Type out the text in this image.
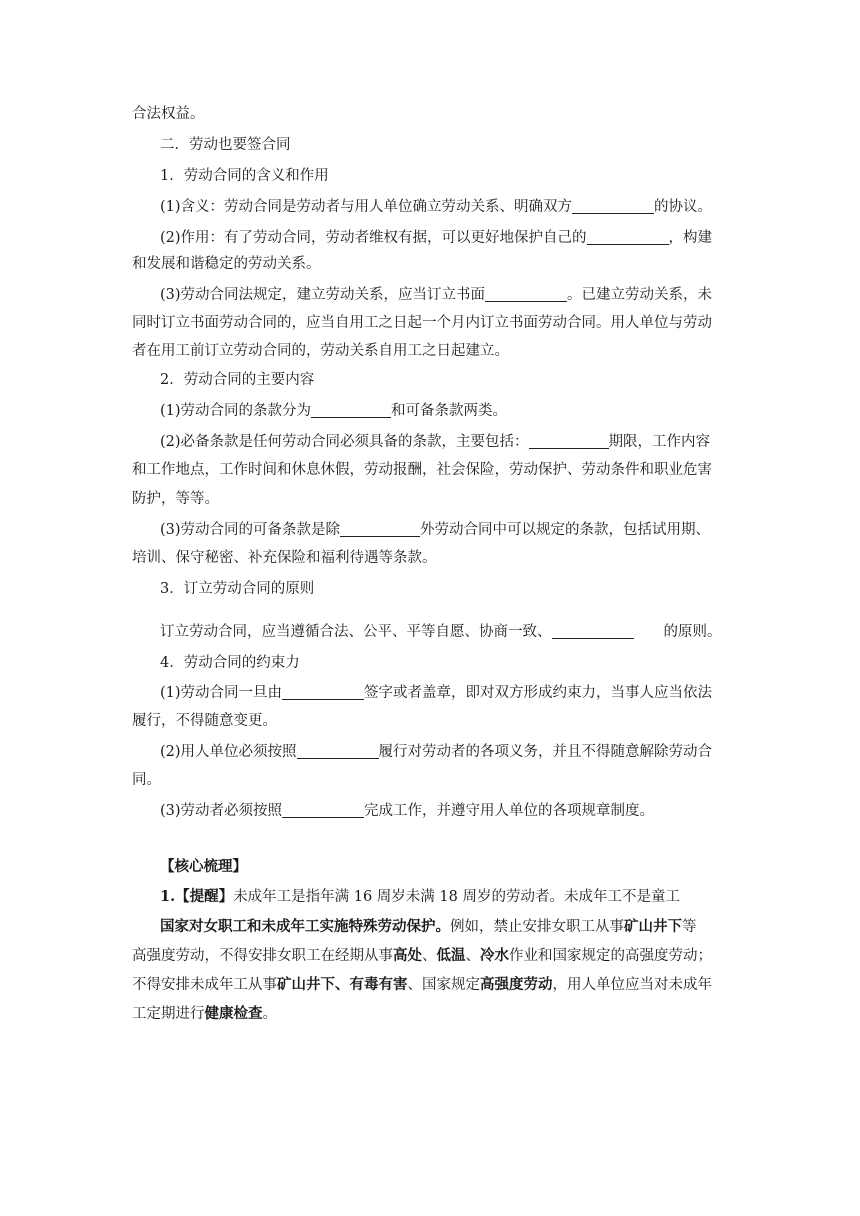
合法权益。
二．劳动也要签合同
1．劳动合同的含义和作用
(1)含义：劳动合同是劳动者与用人单位确立劳动关系、明确双方	的协议。
(2)作用：有了劳动合同，劳动者维权有据，可以更好地保护自己的	，构建
和发展和谐稳定的劳动关系。
(3)劳动合同法规定，建立劳动关系，应当订立书面	。已建立劳动关系，未
同时订立书面劳动合同的，应当自用工之日起一个月内订立书面劳动合同。用人单位与劳动
者在用工前订立劳动合同的，劳动关系自用工之日起建立。
2．劳动合同的主要内容
(1)劳动合同的条款分为	和可备条款两类。
(2)必备条款是任何劳动合同必须具备的条款，主要包括：	期限，工作内容
和工作地点，工作时间和休息休假，劳动报酬，社会保险，劳动保护、劳动条件和职业危害
防护，等等。
(3)劳动合同的可备条款是除	外劳动合同中可以规定的条款，包括试用期、
培训、保守秘密、补充保险和福利待遇等条款。
3．订立劳动合同的原则
订立劳动合同，应当遵循合法、公平、平等自愿、协商一致、	的原则。
4．劳动合同的约束力
(1)劳动合同一旦由	签字或者盖章，即对双方形成约束力，当事人应当依法
履行，不得随意变更。
(2)用人单位必须按照	履行对劳动者的各项义务，并且不得随意解除劳动合
同。
(3)劳动者必须按照	完成工作，并遵守用人单位的各项规章制度。
【核心梳理】
1.【提醒】未成年工是指年满 16 周岁未满 18 周岁的劳动者。未成年工不是童工
国家对女职工和未成年工实施特殊劳动保护。例如，禁止安排女职工从事矿山井下等
高强度劳动，不得安排女职工在经期从事高处、低温、冷水作业和国家规定的高强度劳动；
不得安排未成年工从事矿山井下、有毒有害、国家规定高强度劳动，用人单位应当对未成年
工定期进行健康检查。
